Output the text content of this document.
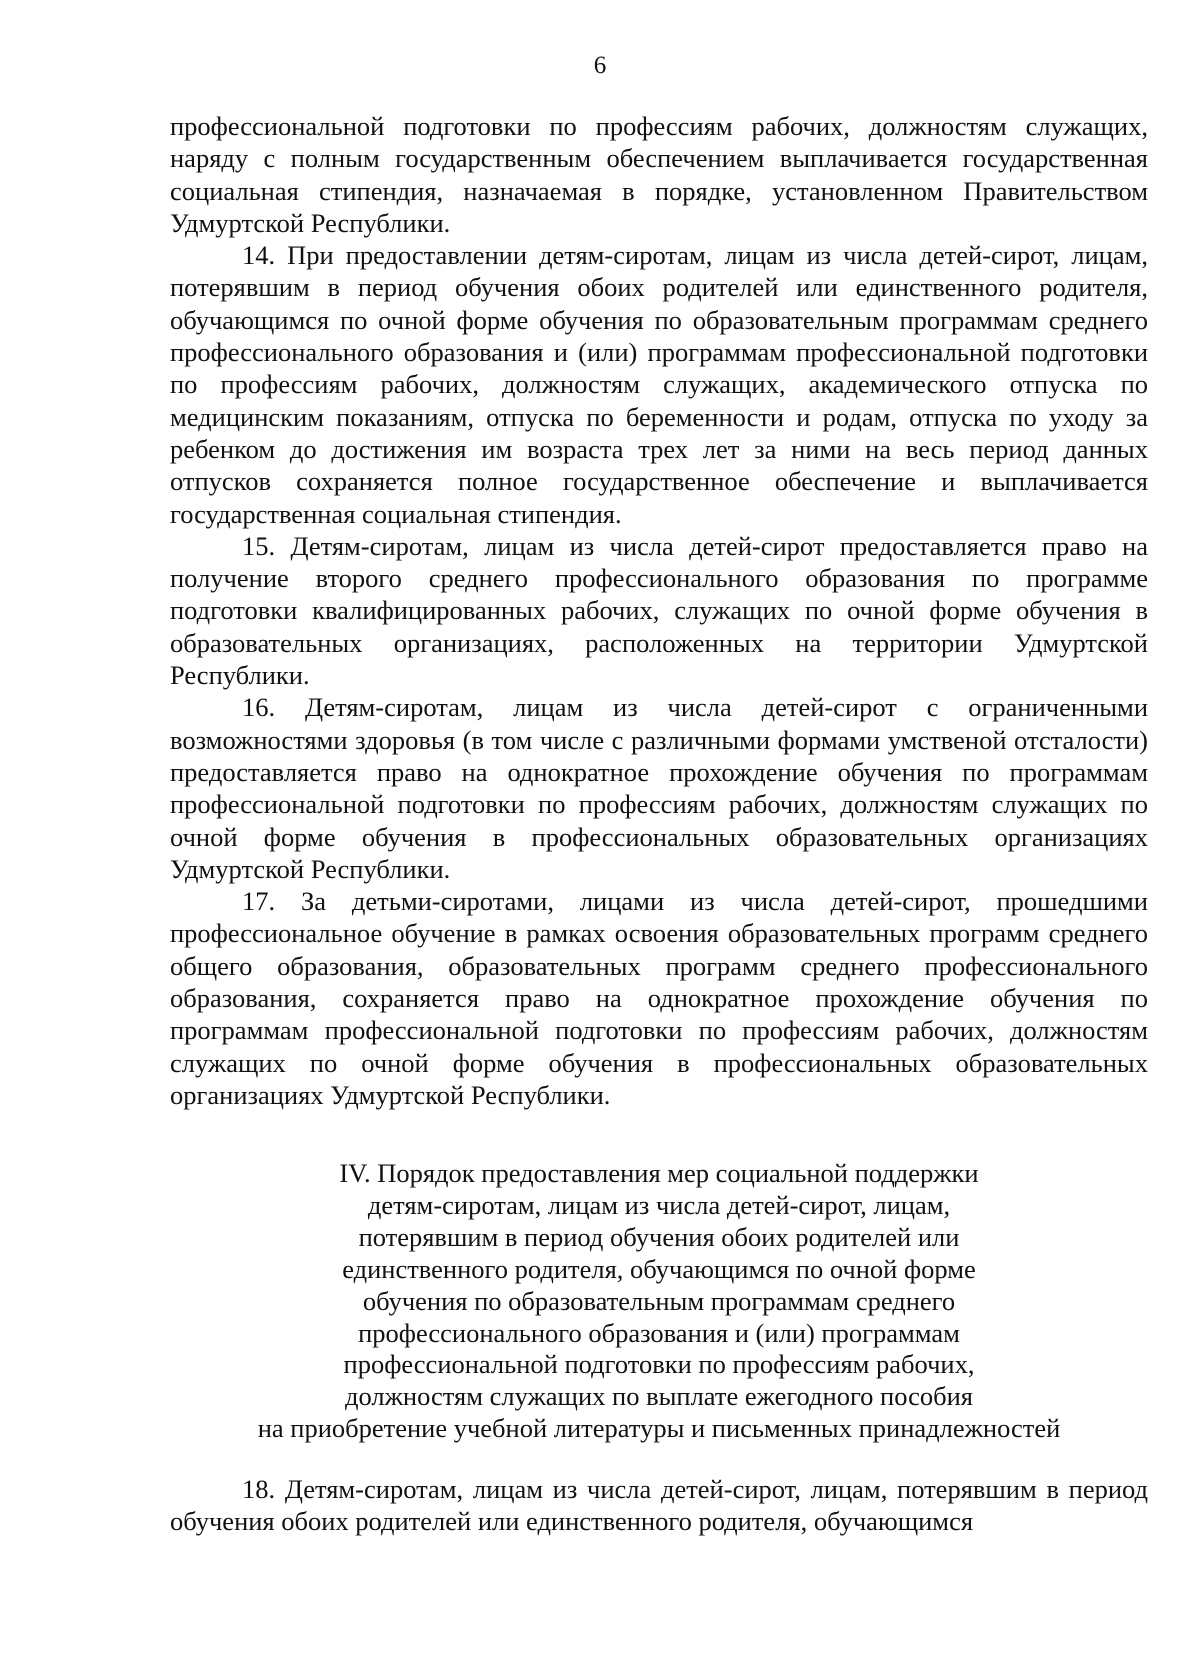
6

профессиональной подготовки по профессиям рабочих, должностям служащих, наряду с полным государственным обеспечением выплачивается государственная социальная стипендия, назначаемая в порядке, установленном Правительством Удмуртской Республики.

14. При предоставлении детям-сиротам, лицам из числа детей-сирот, лицам, потерявшим в период обучения обоих родителей или единственного родителя, обучающимся по очной форме обучения по образовательным программам среднего профессионального образования и (или) программам профессиональной подготовки по профессиям рабочих, должностям служащих, академического отпуска по медицинским показаниям, отпуска по беременности и родам, отпуска по уходу за ребенком до достижения им возраста трех лет за ними на весь период данных отпусков сохраняется полное государственное обеспечение и выплачивается государственная социальная стипендия.

15. Детям-сиротам, лицам из числа детей-сирот предоставляется право на получение второго среднего профессионального образования по программе подготовки квалифицированных рабочих, служащих по очной форме обучения в образовательных организациях, расположенных на территории Удмуртской Республики.

16. Детям-сиротам, лицам из числа детей-сирот с ограниченными возможностями здоровья (в том числе с различными формами умственой отсталости) предоставляется право на однократное прохождение обучения по программам профессиональной подготовки по профессиям рабочих, должностям служащих по очной форме обучения в профессиональных образовательных организациях Удмуртской Республики.

17. За детьми-сиротами, лицами из числа детей-сирот, прошедшими профессиональное обучение в рамках освоения образовательных программ среднего общего образования, образовательных программ среднего профессионального образования, сохраняется право на однократное прохождение обучения по программам профессиональной подготовки по профессиям рабочих, должностям служащих по очной форме обучения в профессиональных образовательных организациях Удмуртской Республики.

IV. Порядок предоставления мер социальной поддержки
детям-сиротам, лицам из числа детей-сирот, лицам,
потерявшим в период обучения обоих родителей или
единственного родителя, обучающимся по очной форме
обучения по образовательным программам среднего
профессионального образования и (или) программам
профессиональной подготовки по профессиям рабочих,
должностям служащих по выплате ежегодного пособия
на приобретение учебной литературы и письменных принадлежностей

18. Детям-сиротам, лицам из числа детей-сирот, лицам, потерявшим в период обучения обоих родителей или единственного родителя, обучающимся
